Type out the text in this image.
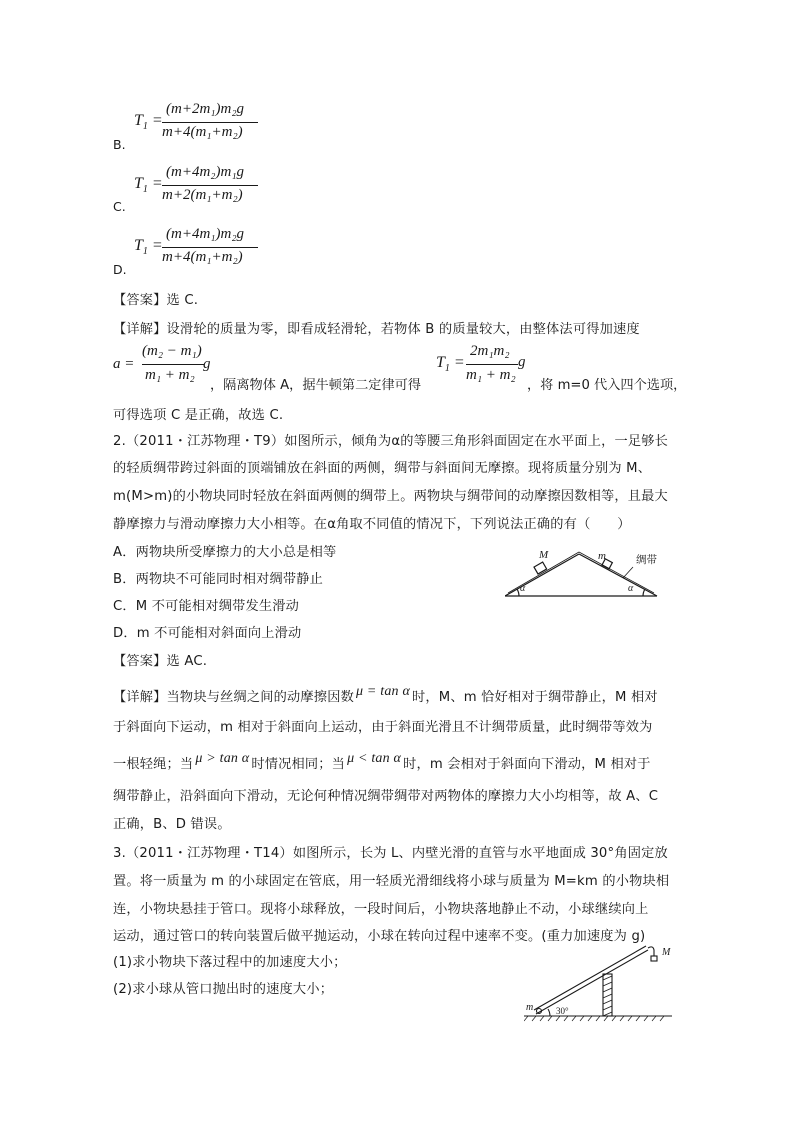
B.
$T_1$ =
(m+2m₁)m₂g
m+4(m₁+m₂)
C.
$T_1$ =
(m+4m₂)m₁g
m+2(m₁+m₂)
D.
$T_1$ =
(m+4m₁)m₂g
m+4(m₁+m₂)
【答案】选 C.
【详解】设滑轮的质量为零，即看成轻滑轮，若物体 B 的质量较大，由整体法可得加速度
a =
(m₂ − m₁)
m₁ + m₂
g
，隔离物体 A，据牛顿第二定律可得
$T_1$ =
2m₁m₂
m₁ + m₂
g
，将 m=0 代入四个选项，
可得选项 C 是正确，故选 C.
2.（2011・江苏物理・T9）如图所示，倾角为α的等腰三角形斜面固定在水平面上，一足够长
的轻质绸带跨过斜面的顶端铺放在斜面的两侧，绸带与斜面间无摩擦。现将质量分别为 M、
m(M>m)的小物块同时轻放在斜面两侧的绸带上。两物块与绸带间的动摩擦因数相等，且最大
静摩擦力与滑动摩擦力大小相等。在α角取不同值的情况下，下列说法正确的有（　　）
A．两物块所受摩擦力的大小总是相等
B．两物块不可能同时相对绸带静止
C．M 不可能相对绸带发生滑动
D．m 不可能相对斜面向上滑动
M	m	绸带
α	α
【答案】选 AC.
【详解】当物块与丝绸之间的动摩擦因数 μ = tan α 时，M、m 恰好相对于绸带静止，M 相对
于斜面向下运动，m 相对于斜面向上运动，由于斜面光滑且不计绸带质量，此时绸带等效为
一根轻绳；当 μ > tan α 时情况相同；当 μ < tan α 时，m 会相对于斜面向下滑动，M 相对于
绸带静止，沿斜面向下滑动，无论何种情况绸带绸带对两物体的摩擦力大小均相等，故 A、C
正确，B、D 错误。
3.（2011・江苏物理・T14）如图所示，长为 L、内壁光滑的直管与水平地面成 30°角固定放
置。将一质量为 m 的小球固定在管底，用一轻质光滑细线将小球与质量为 M=km 的小物块相
连，小物块悬挂于管口。现将小球释放，一段时间后，小物块落地静止不动，小球继续向上
运动，通过管口的转向装置后做平抛运动，小球在转向过程中速率不变。(重力加速度为 g)
(1)求小物块下落过程中的加速度大小；
(2)求小球从管口抛出时的速度大小；
m	30°
M
